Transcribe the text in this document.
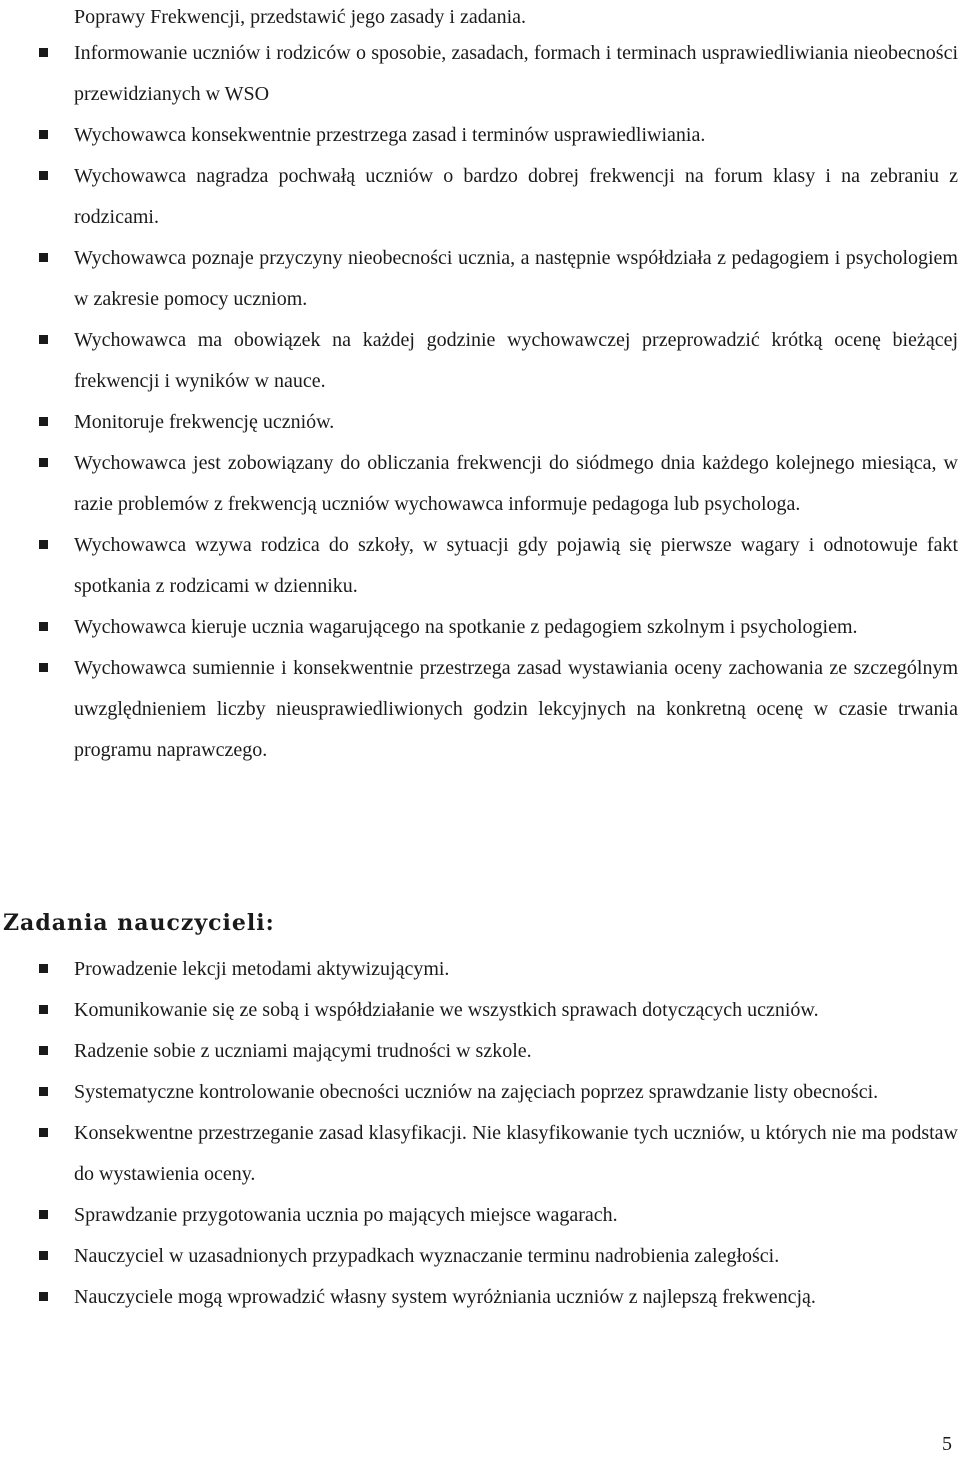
Poprawy Frekwencji, przedstawić jego zasady i zadania.

Informowanie uczniów i rodziców o sposobie, zasadach, formach i terminach usprawiedliwiania nieobecności przewidzianych w WSO
Wychowawca konsekwentnie przestrzega zasad i terminów usprawiedliwiania.
Wychowawca nagradza pochwałą uczniów o bardzo dobrej frekwencji na forum klasy i na zebraniu z rodzicami.
Wychowawca poznaje przyczyny nieobecności ucznia, a następnie współdziała z pedagogiem i psychologiem w zakresie pomocy uczniom.
Wychowawca ma obowiązek na każdej godzinie wychowawczej przeprowadzić krótką ocenę bieżącej frekwencji i wyników w nauce.
Monitoruje frekwencję uczniów.
Wychowawca jest zobowiązany do obliczania frekwencji do siódmego dnia każdego kolejnego miesiąca, w razie problemów z frekwencją uczniów wychowawca informuje pedagoga lub psychologa.
Wychowawca wzywa rodzica do szkoły, w sytuacji gdy pojawią się pierwsze wagary i odnotowuje fakt spotkania z rodzicami w dzienniku.
Wychowawca kieruje ucznia wagarującego na spotkanie z pedagogiem szkolnym i psychologiem.
Wychowawca sumiennie i konsekwentnie przestrzega zasad wystawiania oceny zachowania ze szczególnym uwzględnieniem liczby nieusprawiedliwionych godzin lekcyjnych na konkretną ocenę w czasie trwania programu naprawczego.
Zadania nauczycieli:
Prowadzenie lekcji metodami aktywizującymi.
Komunikowanie się ze sobą i współdziałanie we wszystkich sprawach dotyczących uczniów.
Radzenie sobie z uczniami mającymi trudności w szkole.
Systematyczne kontrolowanie obecności uczniów na zajęciach poprzez sprawdzanie listy obecności.
Konsekwentne przestrzeganie zasad klasyfikacji. Nie klasyfikowanie tych uczniów, u których nie ma podstaw do wystawienia oceny.
Sprawdzanie przygotowania ucznia po mających miejsce wagarach.
Nauczyciel w uzasadnionych przypadkach wyznaczanie terminu nadrobienia zaległości.
Nauczyciele mogą wprowadzić własny system wyróżniania uczniów z najlepszą frekwencją.
5
